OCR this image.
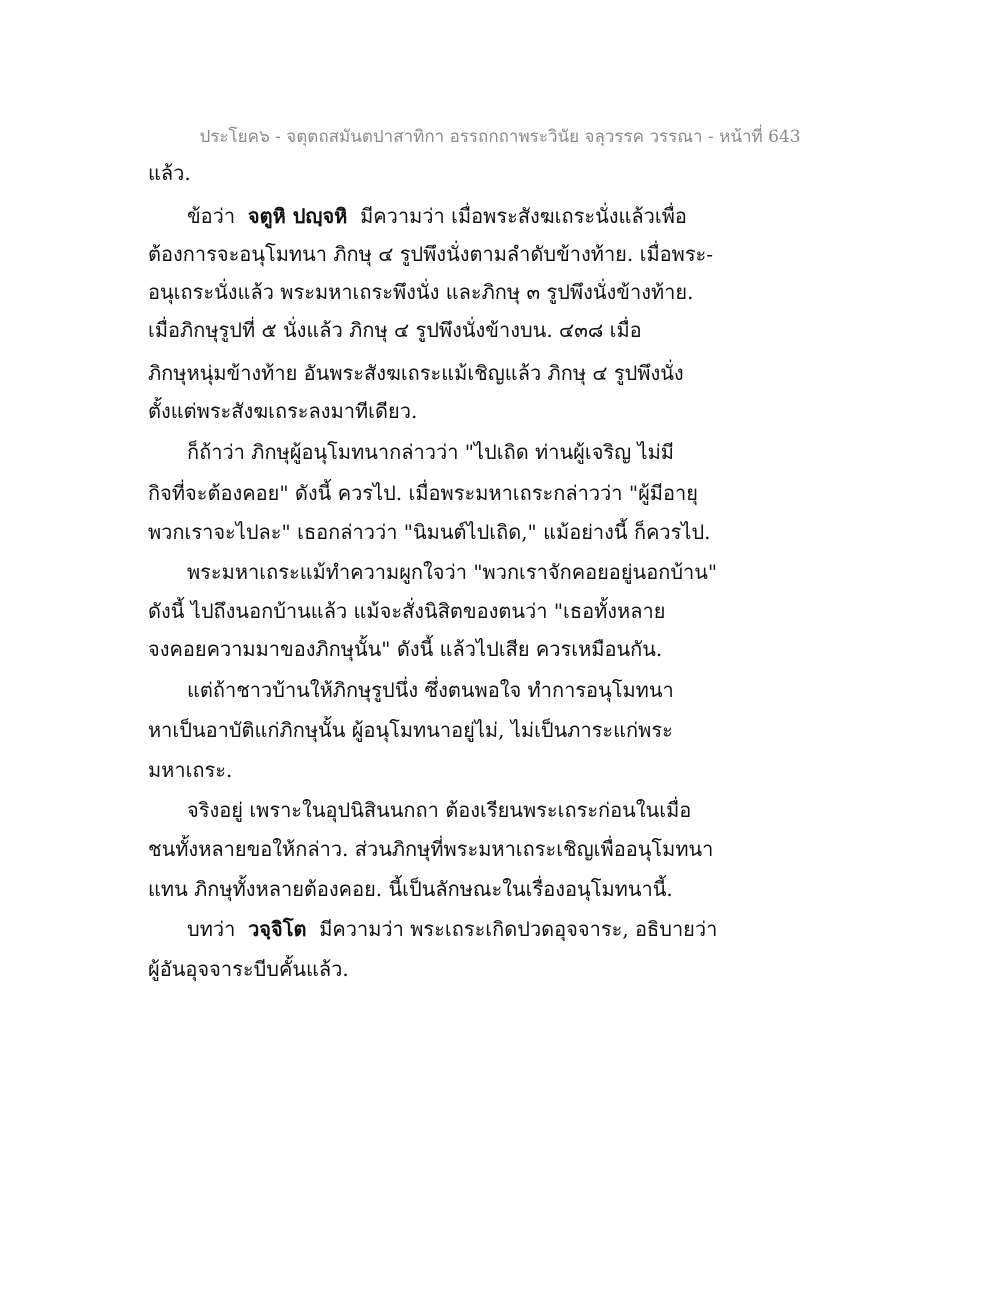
ประโยค๖ - จตุตถสมันตปาสาทิกา อรรถกถาพระวินัย จลุวรรค วรรณา - หน้าที่ 643
แล้ว.
ข้อว่า จตูหิ ปญฺจหิ มีความว่า เมื่อพระสังฆเถระนั่งแล้วเพื่อ
ต้องการจะอนุโมทนา ภิกษุ ๔ รูปพึงนั่งตามลำดับข้างท้าย. เมื่อพระ-
อนุเถระนั่งแล้ว พระมหาเถระพึงนั่ง และภิกษุ ๓ รูปพึงนั่งข้างท้าย.
เมื่อภิกษุรูปที่ ๕ นั่งแล้ว ภิกษุ ๔ รูปพึงนั่งข้างบน. ๔๓๘ เมื่อ
ภิกษุหนุ่มข้างท้าย อันพระสังฆเถระแม้เชิญแล้ว ภิกษุ ๔ รูปพึงนั่ง
ตั้งแต่พระสังฆเถระลงมาทีเดียว.
ก็ถ้าว่า ภิกษุผู้อนุโมทนากล่าวว่า "ไปเถิด ท่านผู้เจริญ ไม่มี
กิจที่จะต้องคอย" ดังนี้ ควรไป. เมื่อพระมหาเถระกล่าวว่า "ผู้มีอายุ
พวกเราจะไปละ" เธอกล่าวว่า "นิมนต์ไปเถิด," แม้อย่างนี้ ก็ควรไป.
พระมหาเถระแม้ทำความผูกใจว่า "พวกเราจักคอยอยู่นอกบ้าน"
ดังนี้ ไปถึงนอกบ้านแล้ว แม้จะสั่งนิสิตของตนว่า "เธอทั้งหลาย
จงคอยความมาของภิกษุนั้น" ดังนี้ แล้วไปเสีย ควรเหมือนกัน.
แต่ถ้าชาวบ้านให้ภิกษุรูปนึ่ง ซึ่งตนพอใจ ทำการอนุโมทนา
หาเป็นอาบัติแก่ภิกษุนั้น ผู้อนุโมทนาอยู่ไม่, ไม่เป็นภาระแก่พระ
มหาเถระ.
จริงอยู่ เพราะในอุปนิสินนกถา ต้องเรียนพระเถระก่อนในเมื่อ
ชนทั้งหลายขอให้กล่าว. ส่วนภิกษุที่พระมหาเถระเชิญเพื่ออนุโมทนา
แทน ภิกษุทั้งหลายต้องคอย. นี้เป็นลักษณะในเรื่องอนุโมทนานี้.
บทว่า วจฺจิโต มีความว่า พระเถระเกิดปวดอุจจาระ, อธิบายว่า
ผู้อันอุจจาระบีบคั้นแล้ว.
